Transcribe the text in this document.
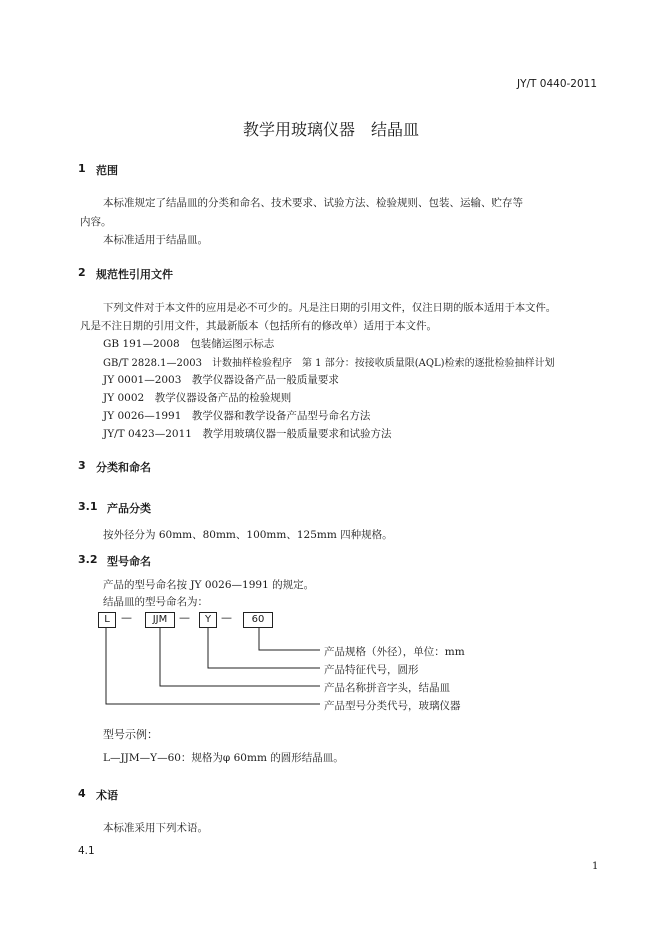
JY/T 0440-2011
教学用玻璃仪器　结晶皿
1 范围
本标准规定了结晶皿的分类和命名、技术要求、试验方法、检验规则、包装、运输、贮存等
内容。
本标准适用于结晶皿。
2 规范性引用文件
下列文件对于本文件的应用是必不可少的。凡是注日期的引用文件，仅注日期的版本适用于本文件。
凡是不注日期的引用文件，其最新版本（包括所有的修改单）适用于本文件。
GB 191—2008　包装储运图示标志
GB/T 2828.1—2003　计数抽样检验程序　第 1 部分：按接收质量限(AQL)检索的逐批检验抽样计划
JY 0001—2003　教学仪器设备产品一般质量要求
JY 0002　教学仪器设备产品的检验规则
JY 0026—1991　教学仪器和教学设备产品型号命名方法
JY/T 0423—2011　教学用玻璃仪器一般质量要求和试验方法
3 分类和命名
3.1 产品分类
按外径分为 60mm、80mm、100mm、125mm 四种规格。
3.2 型号命名
产品的型号命名按 JY 0026—1991 的规定。
结晶皿的型号命名为：
L	—	JJM	—	Y —	60
产品规格（外径），单位：mm
产品特征代号，圆形
产品名称拼音字头，结晶皿
产品型号分类代号，玻璃仪器
型号示例：
L—JJM—Y—60：规格为φ 60mm 的圆形结晶皿。
4 术语
本标准采用下列术语。
4.1
1
